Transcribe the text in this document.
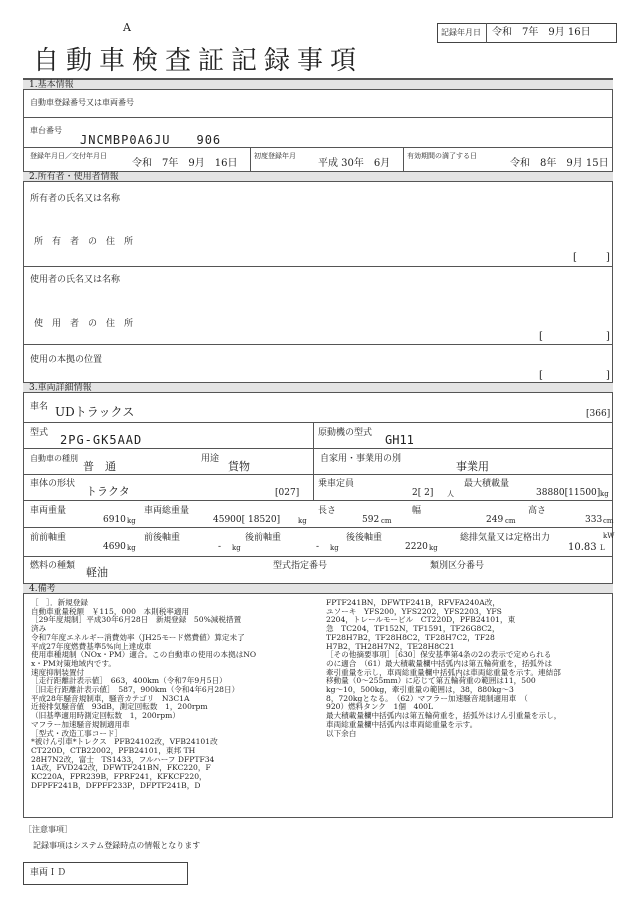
A	記録年月日 令和　7年　9月 16日
自動車検査証記録事項
1.基本情報
自動車登録番号又は車両番号
車台番号
JNCMBP0A6JU　　906
登録年月日／交付年月日
令和　7年　9月　16日
初度登録年月
平成 30年　6月
有効期間の満了する日
令和　8年　9月 15日
2.所有者・使用者情報
所有者の氏名又は名称
所　有　者　の　住　所
[	]
使用者の氏名又は名称
使　用　者　の　住　所
[	]
使用の本拠の位置
[	]
3.車両詳細情報
車名 UDトラックス	[366]
型式 2PG-GK5AAD	原動機の型式 GH11
自動車の種別
普　通
用途
貨物
自家用・事業用の別
事業用
車体の形状
トラクタ	[027]
乗車定員
2[ 2] 人
最大積載量
38880[11500] kg
車両重量
6910 kg
車両総重量
45900[ 18520]	kg
長さ
592 cm
幅
249 cm
高さ
333 cm
前前軸重
4690 kg
前後軸重
- kg
後前軸重
- kg
後後軸重
2220 kg
総排気量又は定格出力	kW
10.83 L
燃料の種類 軽油	型式指定番号	類別区分番号
4.備考
［　］．新規登録
自動車重量税額　￥115，000　本則税率適用
［29年度規制］平成30年6月28日　新規登録　50%減税措置
済み
令和7年度エネルギー消費効率（JH25モード燃費値）算定未了
平成27年度燃費基準5%向上達成車
使用車種規制（NOx・PM）適合。この自動車の使用の本拠はNO
x・PM対策地域内です。
速度抑制装置付
［走行距離計表示値］　663，400km（令和7年9月5日）
［旧走行距離計表示値］　587，900km（令和4年6月28日）
平成28年騒音規制車，騒音カテゴリ　N3C1A
近接排気騒音値　93dB，測定回転数　1，200rpm
（旧基準適用時測定回転数　1，200rpm）
マフラー加速騒音規制適用車
［型式・改造工事コード］
*被けん引車*トレクス　PFB24102改，VFB24101改
CT220D，CTB22002，PFB24101，東邦 TH
28H7N2改，富士　TS1433，フルハーフ DFPTF34
1A改，FVD242改，DFWTF241BN，FKC220，F
KC220A，FPR239B，FPRF241，KFKCF220，
DFPFF241B，DFPFF233P，DFPTF241B，D
FPTF241BN，DFWTF241B，RFVFA240A改，
ユソーキ　YFS200，YFS2202，YFS2203，YFS
2204，トレールモービル　CT220D，PFB24101，東
急　TC204，TF152N，TF1591，TF26G8C2，
TF28H7B2，TF28H8C2，TF28H7C2，TF28
H7B2，TH28H7N2，TE28H8C21
［その他摘要事項］［630］保安基準第4条の2の表示で定められる
のに適合　（61）最大積載量欄中括弧内は第五輪荷重を，括弧外は
牽引重量を示し，車両総重量欄中括弧内は車両総重量を示す。連結部
移動量（0〜255mm）に応じて第五輪荷重の範囲は11，500
kg〜10，500kg，牽引重量の範囲は，38，880kg〜3
8，720kgとなる。　（62）マフラー加速騒音規制適用車　（
920）燃料タンク　1個　400L
最大積載量欄中括弧内は第五輪荷重を，括弧外はけん引重量を示し，
車両総重量欄中括弧内は車両総重量を示す。
以下余白
［注意事項］
記録事項はシステム登録時点の情報となります
車両ＩＤ
